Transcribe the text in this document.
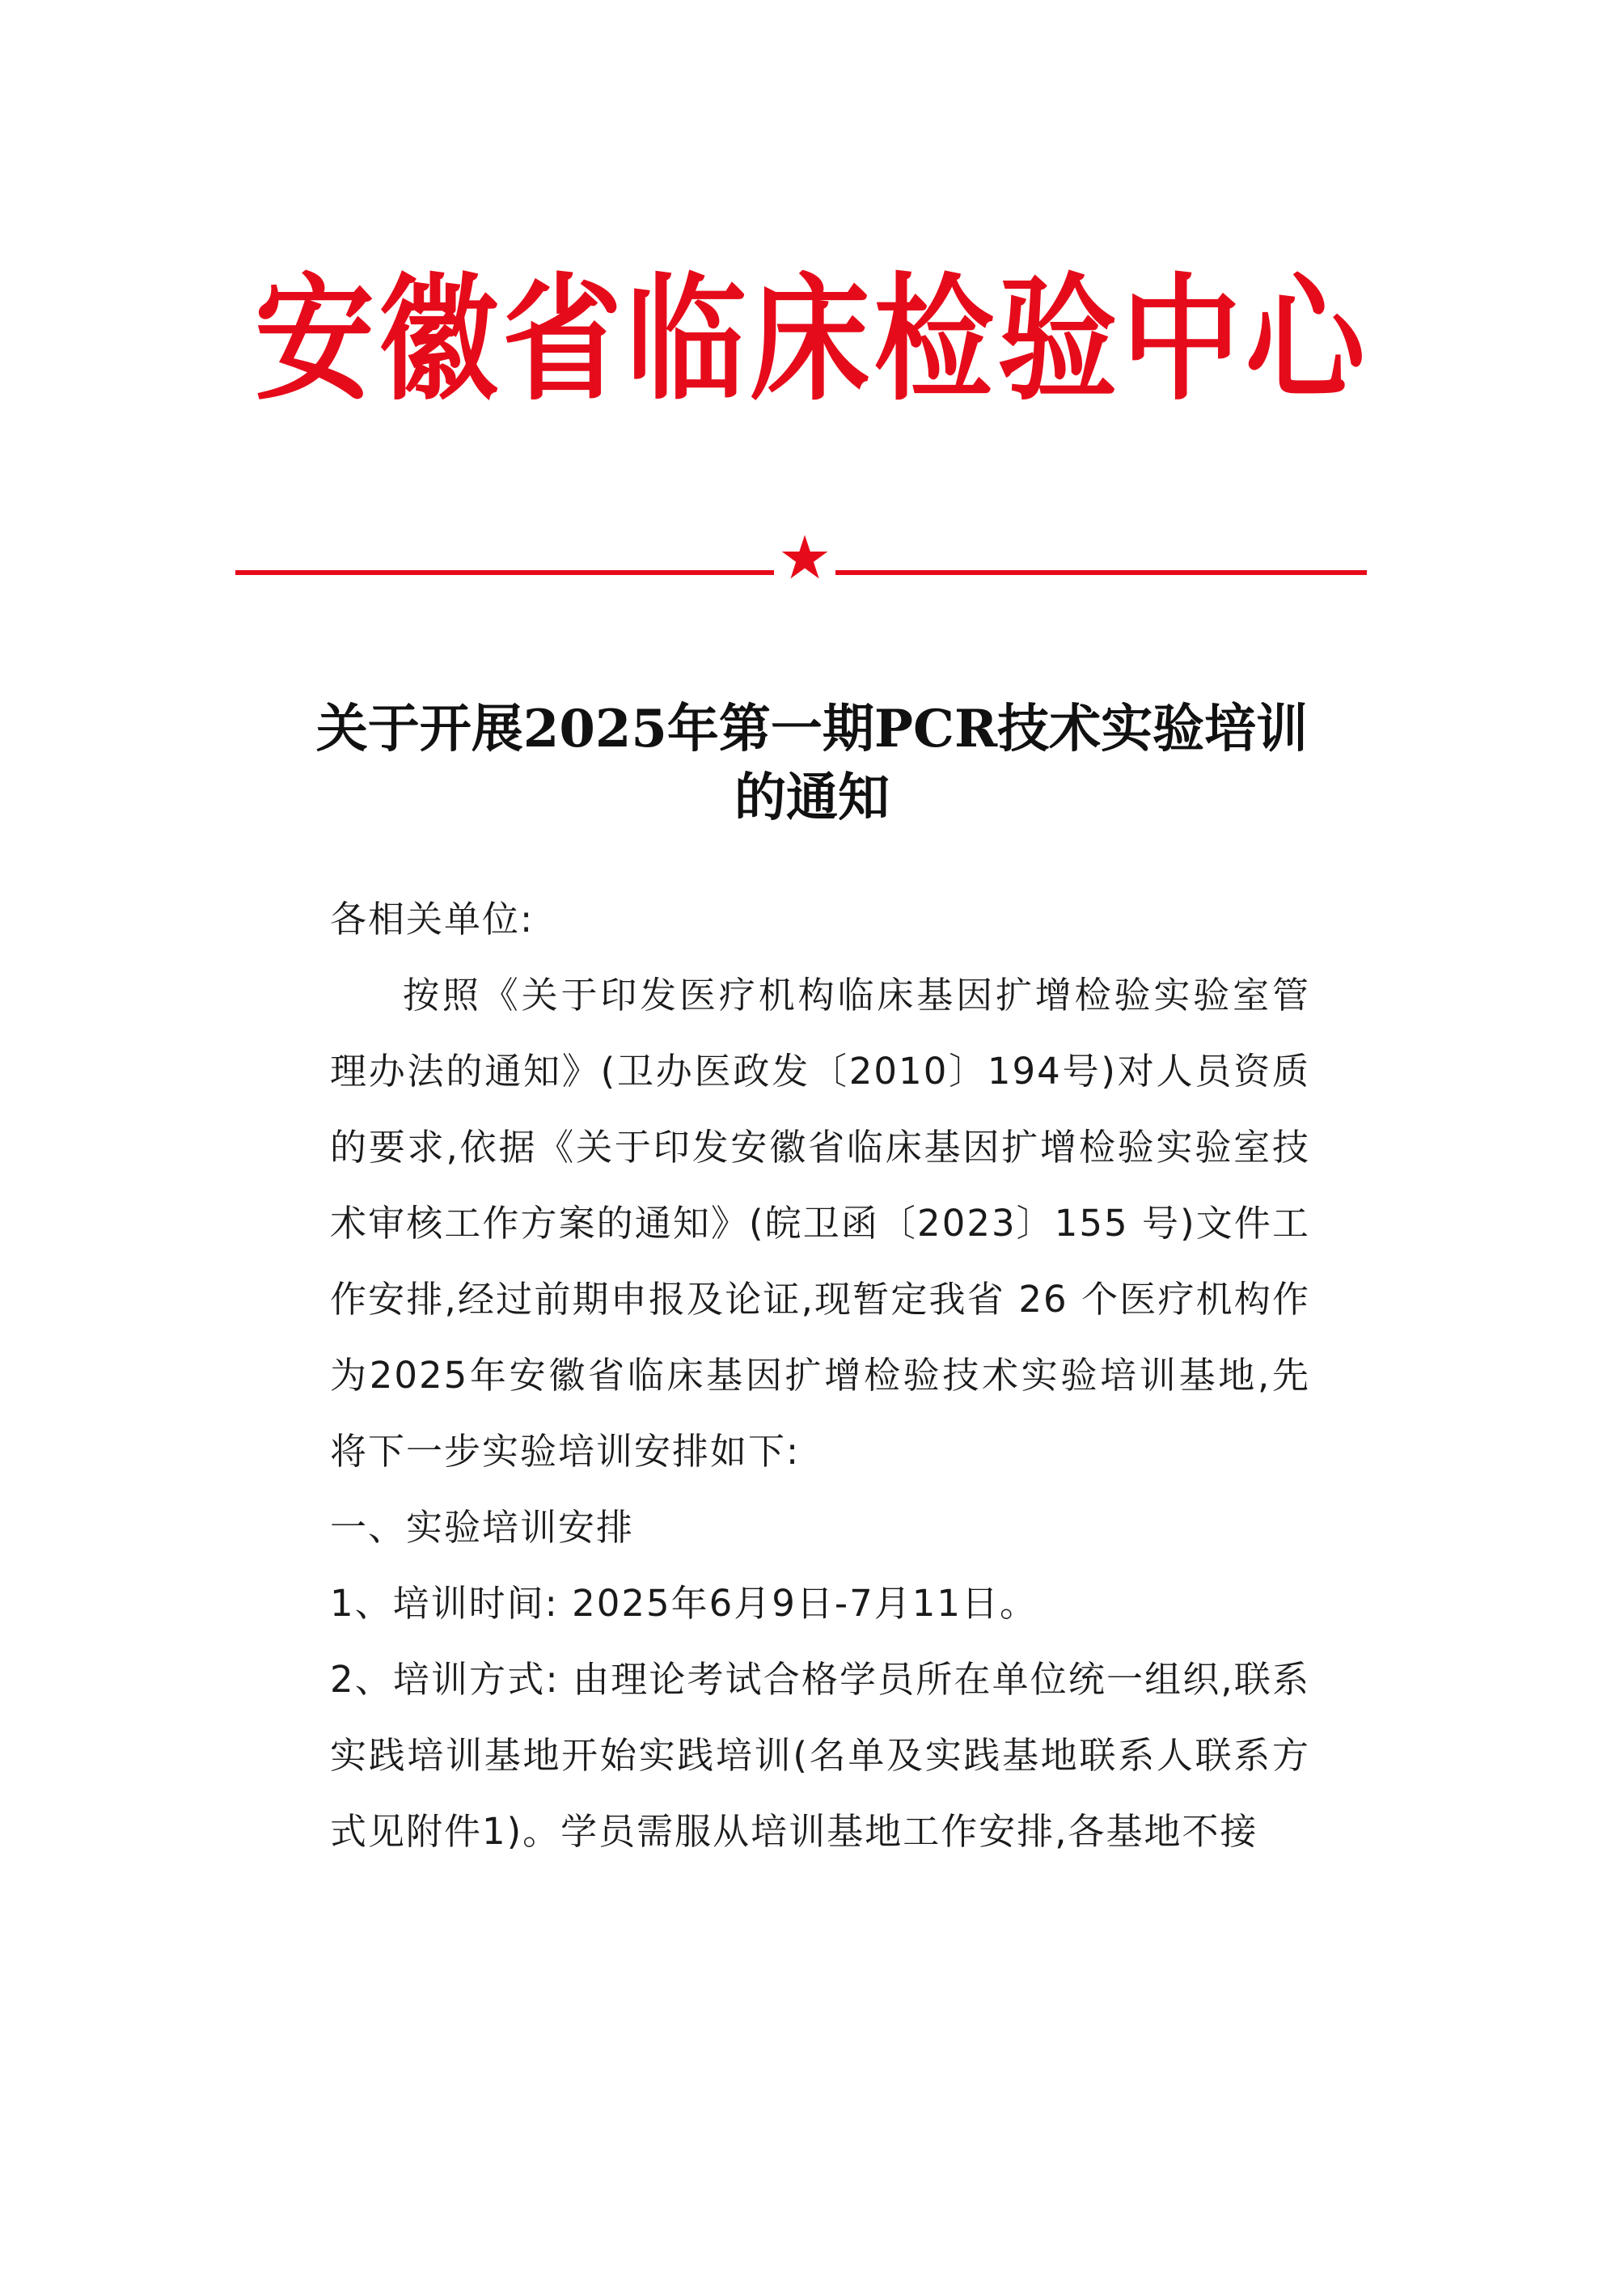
安徽省临床检验中心
★
关于开展2025年第一期PCR技术实验培训
的通知

各相关单位:

按照《关于印发医疗机构临床基因扩增检验实验室管理办法的通知》(卫办医政发〔2010〕194号)对人员资质的要求,依据《关于印发安徽省临床基因扩增检验实验室技术审核工作方案的通知》(皖卫函〔2023〕155 号)文件工作安排,经过前期申报及论证,现暂定我省 26 个医疗机构作为2025年安徽省临床基因扩增检验技术实验培训基地,先将下一步实验培训安排如下:

一、实验培训安排

1、培训时间: 2025年6月9日-7月11日。

2、培训方式: 由理论考试合格学员所在单位统一组织,联系实践培训基地开始实践培训(名单及实践基地联系人联系方式见附件1)。学员需服从培训基地工作安排,各基地不接
